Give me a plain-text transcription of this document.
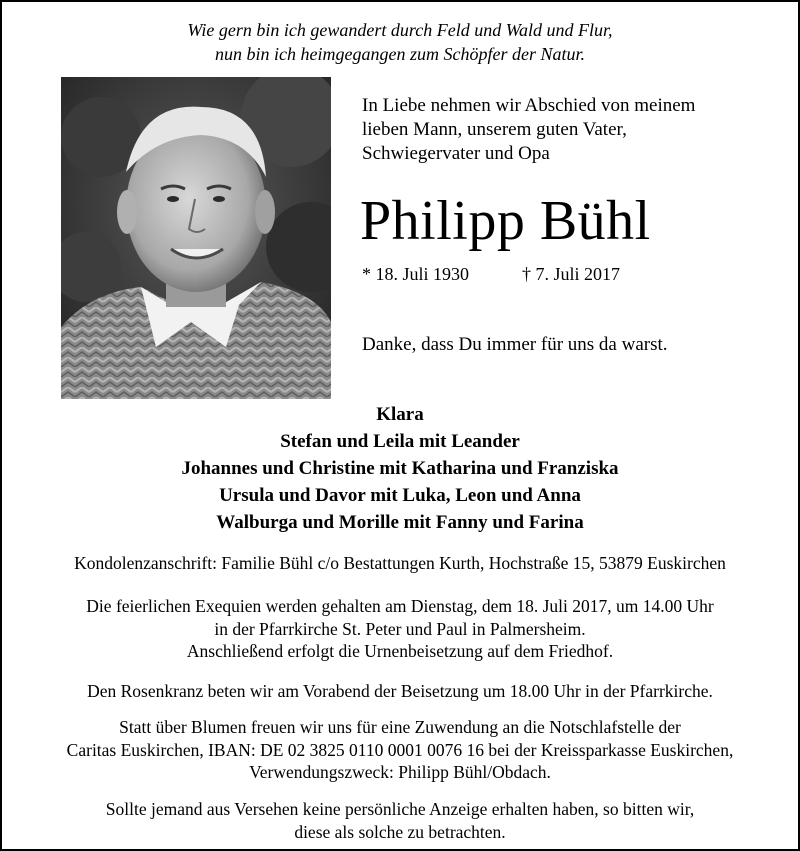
Wie gern bin ich gewandert durch Feld und Wald und Flur,
nun bin ich heimgegangen zum Schöpfer der Natur.
In Liebe nehmen wir Abschied von meinem
lieben Mann, unserem guten Vater,
Schwiegervater und Opa
Philipp Bühl
* 18. Juli 1930	† 7. Juli 2017
Danke, dass Du immer für uns da warst.
Klara
Stefan und Leila mit Leander
Johannes und Christine mit Katharina und Franziska
Ursula und Davor mit Luka, Leon und Anna
Walburga und Morille mit Fanny und Farina
Kondolenzanschrift: Familie Bühl c/o Bestattungen Kurth, Hochstraße 15, 53879 Euskirchen
Die feierlichen Exequien werden gehalten am Dienstag, dem 18. Juli 2017, um 14.00 Uhr
in der Pfarrkirche St. Peter und Paul in Palmersheim.
Anschließend erfolgt die Urnenbeisetzung auf dem Friedhof.
Den Rosenkranz beten wir am Vorabend der Beisetzung um 18.00 Uhr in der Pfarrkirche.
Statt über Blumen freuen wir uns für eine Zuwendung an die Notschlafstelle der
Caritas Euskirchen, IBAN: DE 02 3825 0110 0001 0076 16 bei der Kreissparkasse Euskirchen,
Verwendungszweck: Philipp Bühl/Obdach.
Sollte jemand aus Versehen keine persönliche Anzeige erhalten haben, so bitten wir,
diese als solche zu betrachten.
